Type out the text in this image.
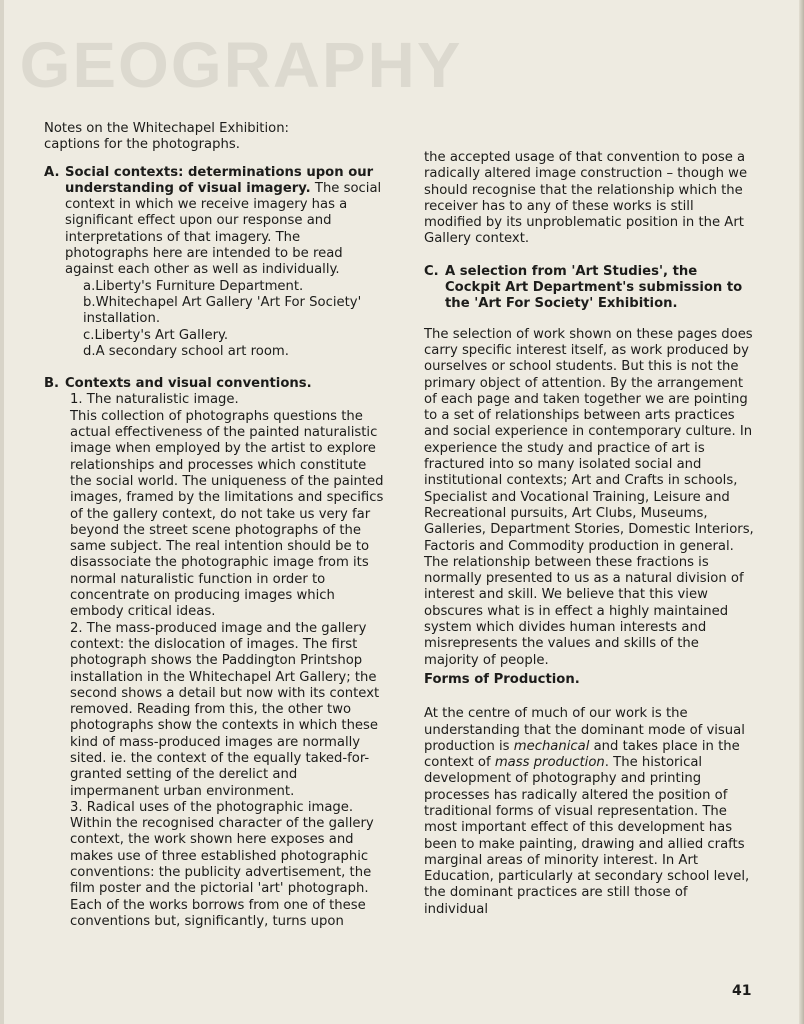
GEOGRAPHY
Notes on the Whitechapel Exhibition:
captions for the photographs.
A. Social contexts: determinations upon our understanding of visual imagery. The social context in which we receive imagery has a significant effect upon our response and interpretations of that imagery. The photographs here are intended to be read against each other as well as individually.

a.Liberty's Furniture Department.
b.Whitechapel Art Gallery 'Art For Society' installation.
c.Liberty's Art Gallery.
d.A secondary school art room.
B. Contexts and visual conventions.

1. The naturalistic image.

This collection of photographs questions the actual effectiveness of the painted naturalistic image when employed by the artist to explore relationships and processes which constitute the social world. The uniqueness of the painted images, framed by the limitations and specifics of the gallery context, do not take us very far beyond the street scene photographs of the same subject. The real intention should be to disassociate the photographic image from its normal naturalistic function in order to concentrate on producing images which embody critical ideas.

2. The mass-produced image and the gallery context: the dislocation of images. The first photograph shows the Paddington Printshop installation in the Whitechapel Art Gallery; the second shows a detail but now with its context removed. Reading from this, the other two photographs show the contexts in which these kind of mass-produced images are normally sited. ie. the context of the equally taked-for-granted setting of the derelict and impermanent urban environment.

3. Radical uses of the photographic image. Within the recognised character of the gallery context, the work shown here exposes and makes use of three established photographic conventions: the publicity advertisement, the film poster and the pictorial 'art' photograph. Each of the works borrows from one of these conventions but, significantly, turns upon

the accepted usage of that convention to pose a radically altered image construction – though we should recognise that the relationship which the receiver has to any of these works is still modified by its unproblematic position in the Art Gallery context.

C. A selection from 'Art Studies', the Cockpit Art Department's submission to the 'Art For Society' Exhibition.

The selection of work shown on these pages does carry specific interest itself, as work produced by ourselves or school students. But this is not the primary object of attention. By the arrangement of each page and taken together we are pointing to a set of relationships between arts practices and social experience in contemporary culture. In experience the study and practice of art is fractured into so many isolated social and institutional contexts; Art and Crafts in schools, Specialist and Vocational Training, Leisure and Recreational pursuits, Art Clubs, Museums, Galleries, Department Stories, Domestic Interiors, Factoris and Commodity production in general. The relationship between these fractions is normally presented to us as a natural division of interest and skill. We believe that this view obscures what is in effect a highly maintained system which divides human interests and misrepresents the values and skills of the majority of people.

Forms of Production.

At the centre of much of our work is the understanding that the dominant mode of visual production is mechanical and takes place in the context of mass production. The historical development of photography and printing processes has radically altered the position of traditional forms of visual representation. The most important effect of this development has been to make painting, drawing and allied crafts marginal areas of minority interest. In Art Education, particularly at secondary school level, the dominant practices are still those of individual

41
